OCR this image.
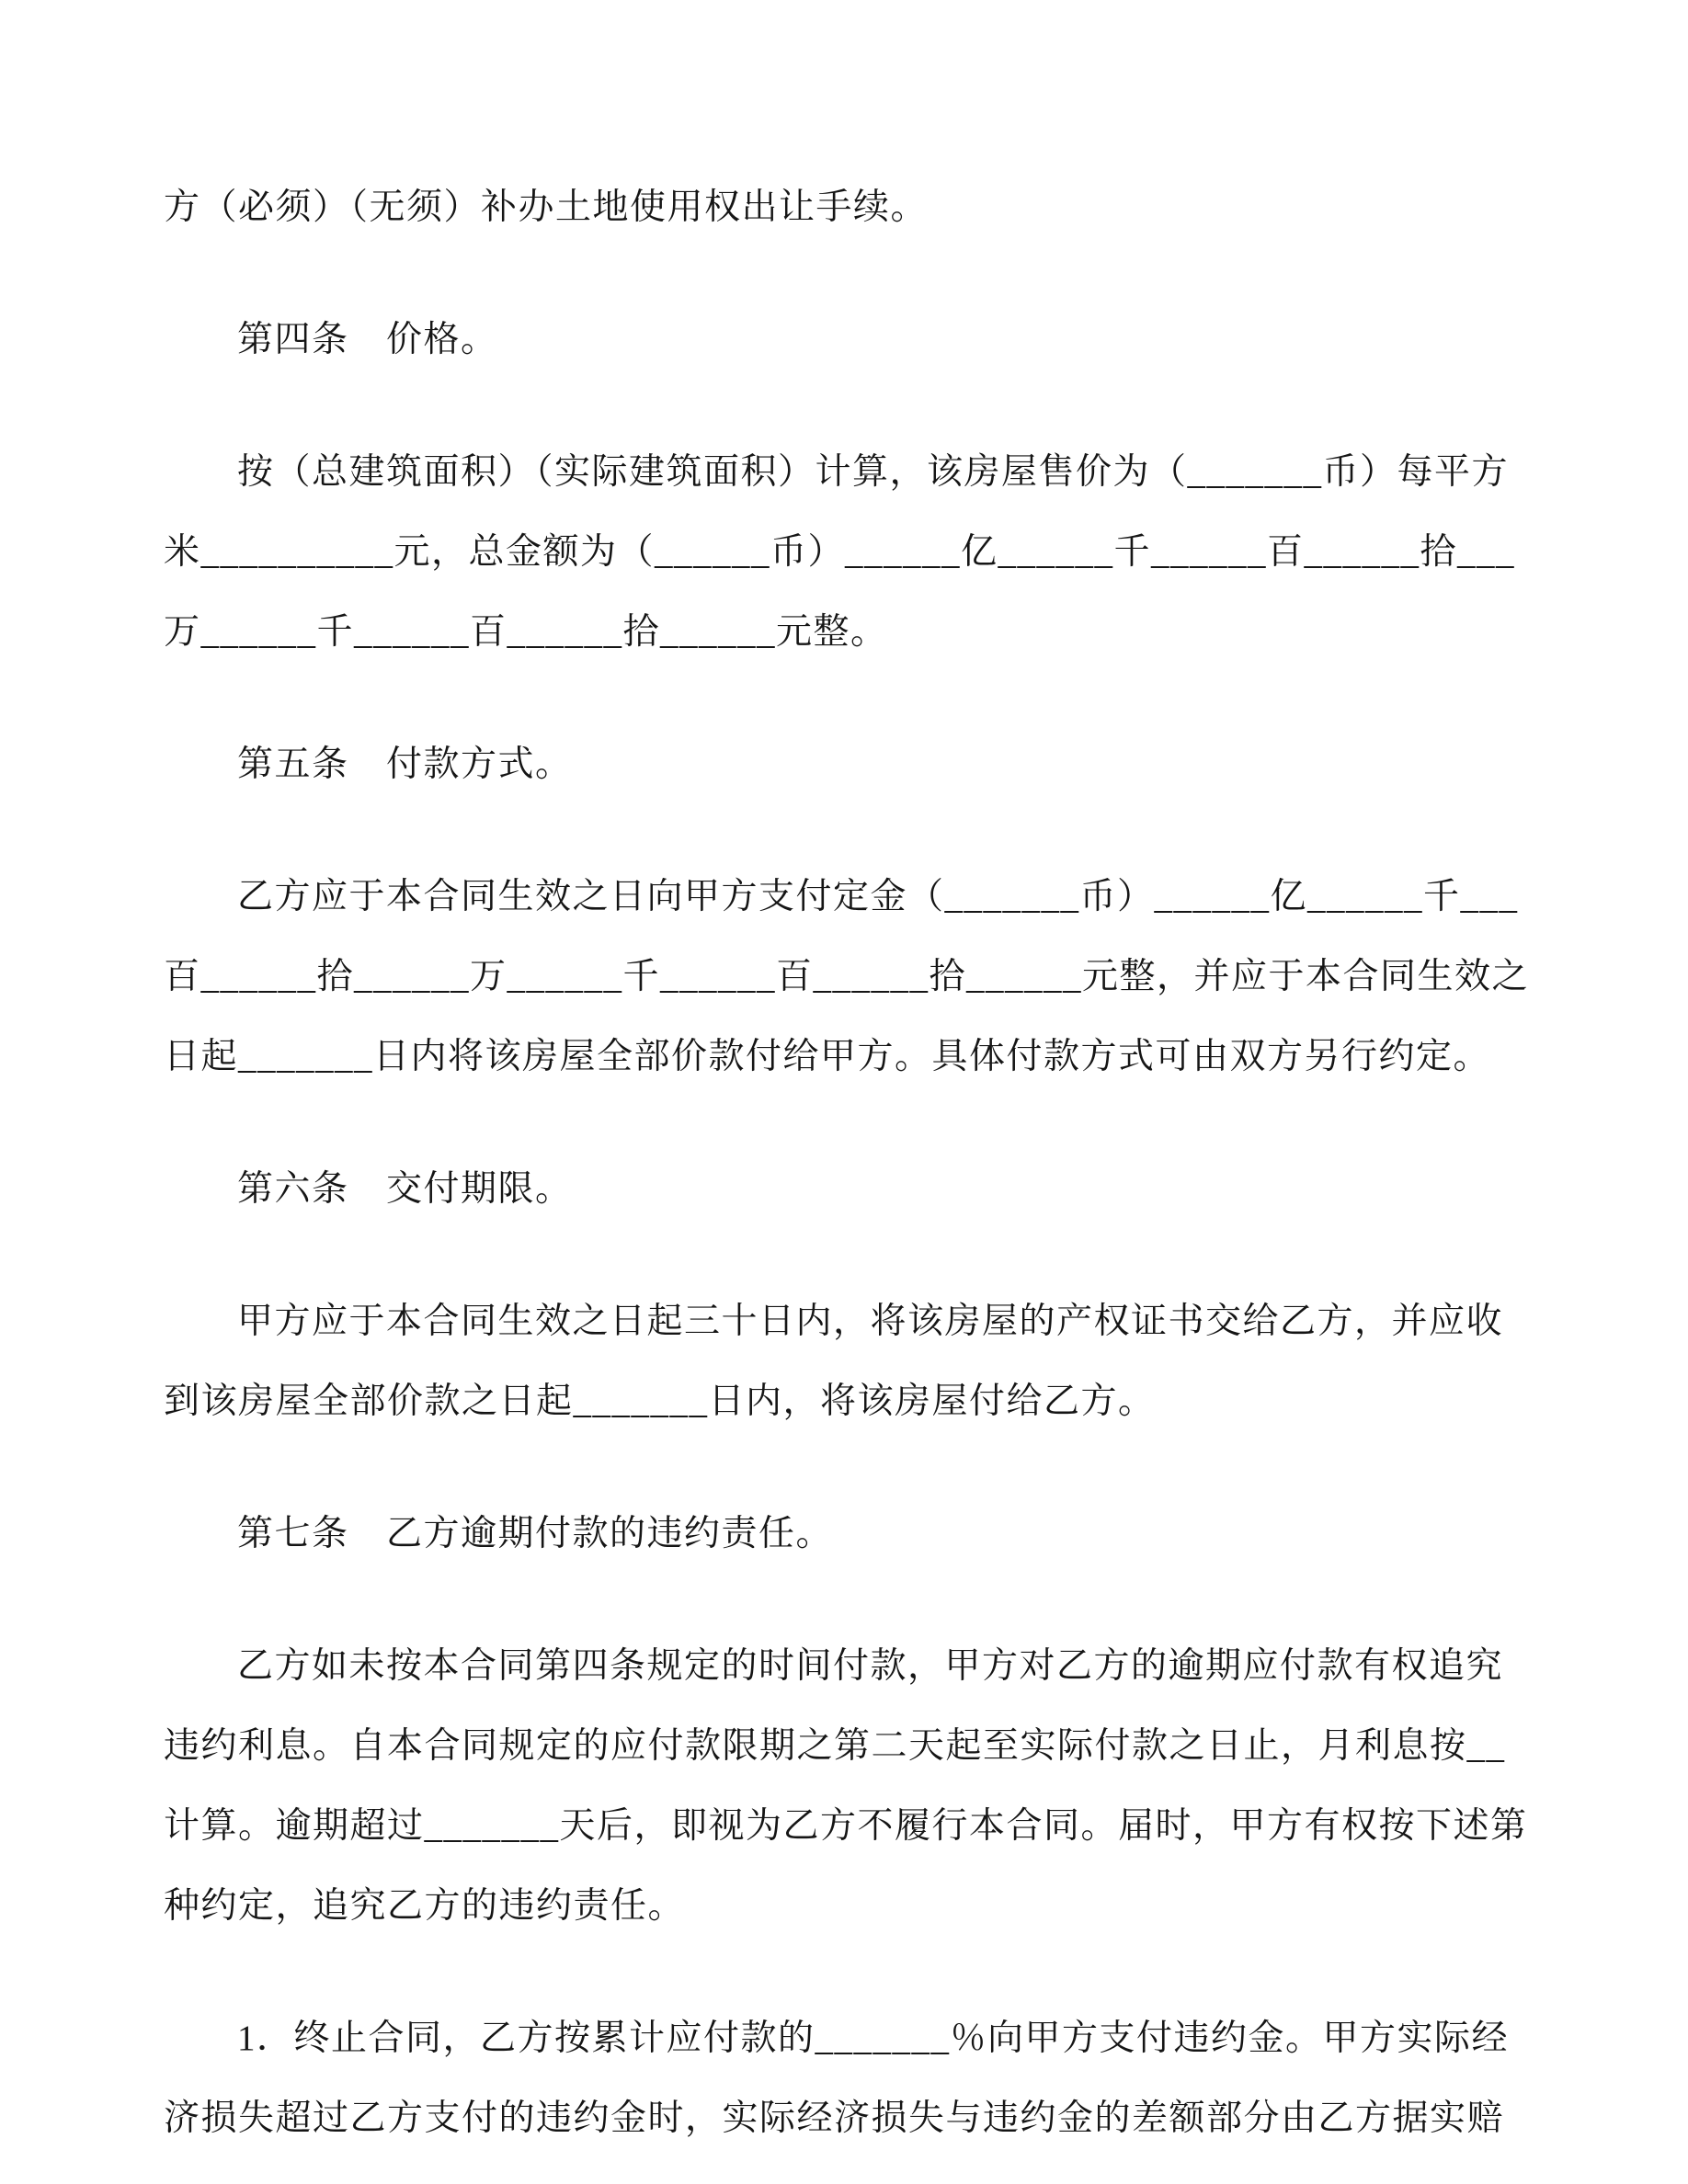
方（必须）（无须）补办土地使用权出让手续。
第四条　价格。
按（总建筑面积）（实际建筑面积）计算，该房屋售价为（_______币）每平方
米__________元，总金额为（______币）______亿______千______百______拾___
万______千______百______拾______元整。
第五条　付款方式。
乙方应于本合同生效之日向甲方支付定金（_______币）______亿______千___
百______拾______万______千______百______拾______元整，并应于本合同生效之
日起_______日内将该房屋全部价款付给甲方。具体付款方式可由双方另行约定。
第六条　交付期限。
甲方应于本合同生效之日起三十日内，将该房屋的产权证书交给乙方，并应收
到该房屋全部价款之日起_______日内，将该房屋付给乙方。
第七条　乙方逾期付款的违约责任。
乙方如未按本合同第四条规定的时间付款，甲方对乙方的逾期应付款有权追究
违约利息。自本合同规定的应付款限期之第二天起至实际付款之日止，月利息按__
计算。逾期超过_______天后，即视为乙方不履行本合同。届时，甲方有权按下述第
种约定，追究乙方的违约责任。
1．终止合同，乙方按累计应付款的_______％向甲方支付违约金。甲方实际经
济损失超过乙方支付的违约金时，实际经济损失与违约金的差额部分由乙方据实赔
